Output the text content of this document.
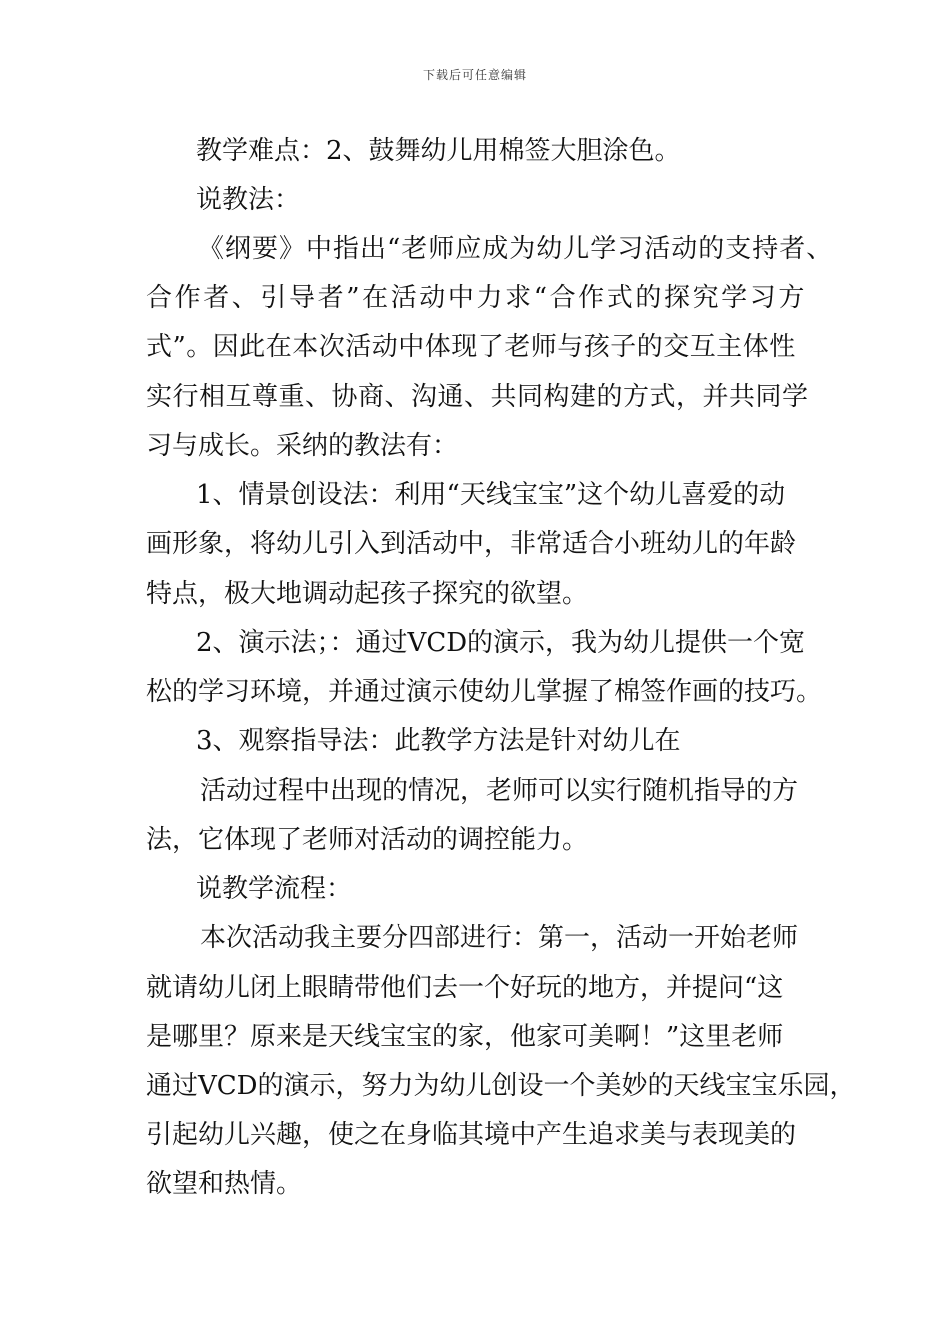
下载后可任意编辑
教学难点：2、鼓舞幼儿用棉签大胆涂色。
说教法：
《纲要》中指出“老师应成为幼儿学习活动的支持者、
合作者、引导者”在活动中力求“合作式的探究学习方
式”。因此在本次活动中体现了老师与孩子的交互主体性
实行相互尊重、协商、沟通、共同构建的方式，并共同学
习与成长。采纳的教法有：
1、情景创设法：利用“天线宝宝”这个幼儿喜爱的动
画形象，将幼儿引入到活动中，非常适合小班幼儿的年龄
特点，极大地调动起孩子探究的欲望。
2、演示法；：通过VCD的演示，我为幼儿提供一个宽
松的学习环境，并通过演示使幼儿掌握了棉签作画的技巧。
3、观察指导法：此教学方法是针对幼儿在
活动过程中出现的情况，老师可以实行随机指导的方
法，它体现了老师对活动的调控能力。
说教学流程：
本次活动我主要分四部进行：第一，活动一开始老师
就请幼儿闭上眼睛带他们去一个好玩的地方，并提问“这
是哪里？原来是天线宝宝的家，他家可美啊！”这里老师
通过VCD的演示，努力为幼儿创设一个美妙的天线宝宝乐园，
引起幼儿兴趣，使之在身临其境中产生追求美与表现美的
欲望和热情。
